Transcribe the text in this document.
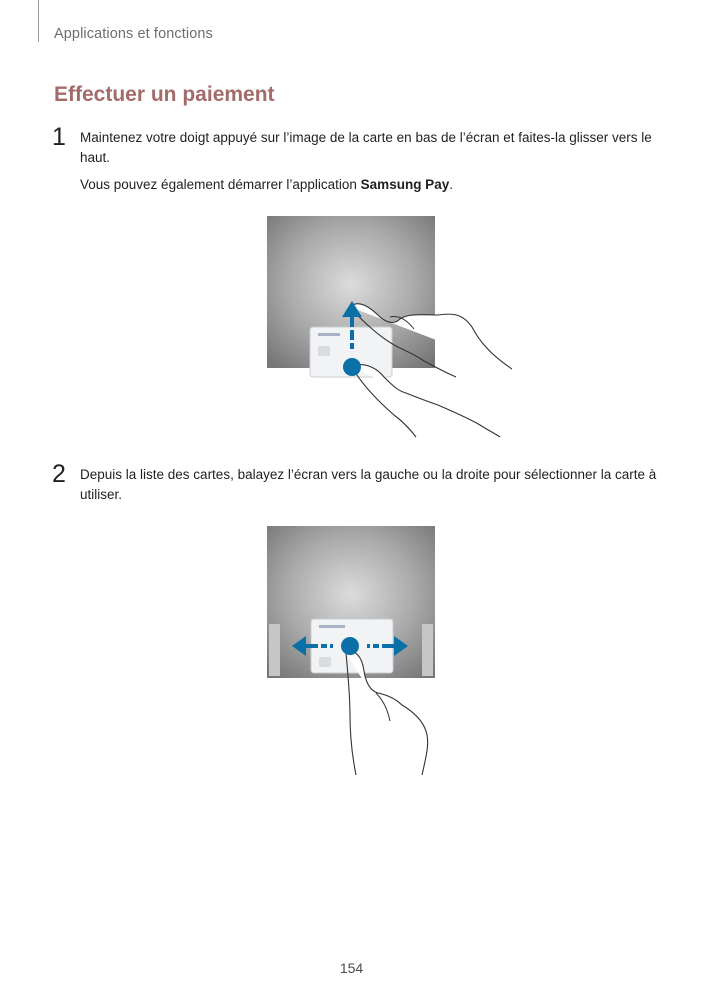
Applications et fonctions
Effectuer un paiement
1 Maintenez votre doigt appuyé sur l’image de la carte en bas de l’écran et faites-la glisser vers le haut.
Vous pouvez également démarrer l’application Samsung Pay.
2 Depuis la liste des cartes, balayez l’écran vers la gauche ou la droite pour sélectionner la carte à utiliser.
154
